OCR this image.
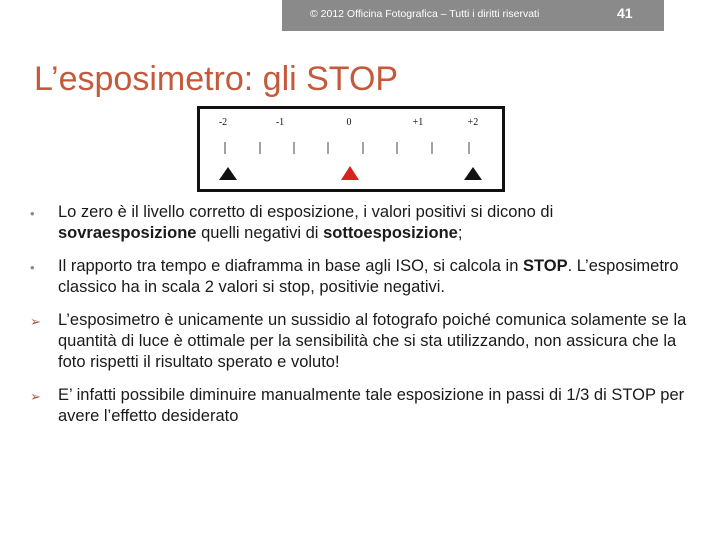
© 2012 Officina Fotografica – Tutti i diritti riservati	41
L’esposimetro: gli STOP
-2	-1	0	+1	+2
•	Lo zero è il livello corretto di esposizione, i valori positivi si dicono di sovraesposizione quelli negativi di sottoesposizione;
•	Il rapporto tra tempo e diaframma in base agli ISO, si calcola in STOP. L’esposimetro classico ha in scala 2 valori si stop, positivie negativi.
➢	L’esposimetro è unicamente un sussidio al fotografo poiché comunica solamente se la quantità di luce è ottimale per la sensibilità che si sta utilizzando, non assicura che la foto rispetti il risultato sperato e voluto!
➢	E’ infatti possibile diminuire manualmente tale esposizione in passi di 1/3 di STOP per avere l’effetto desiderato
